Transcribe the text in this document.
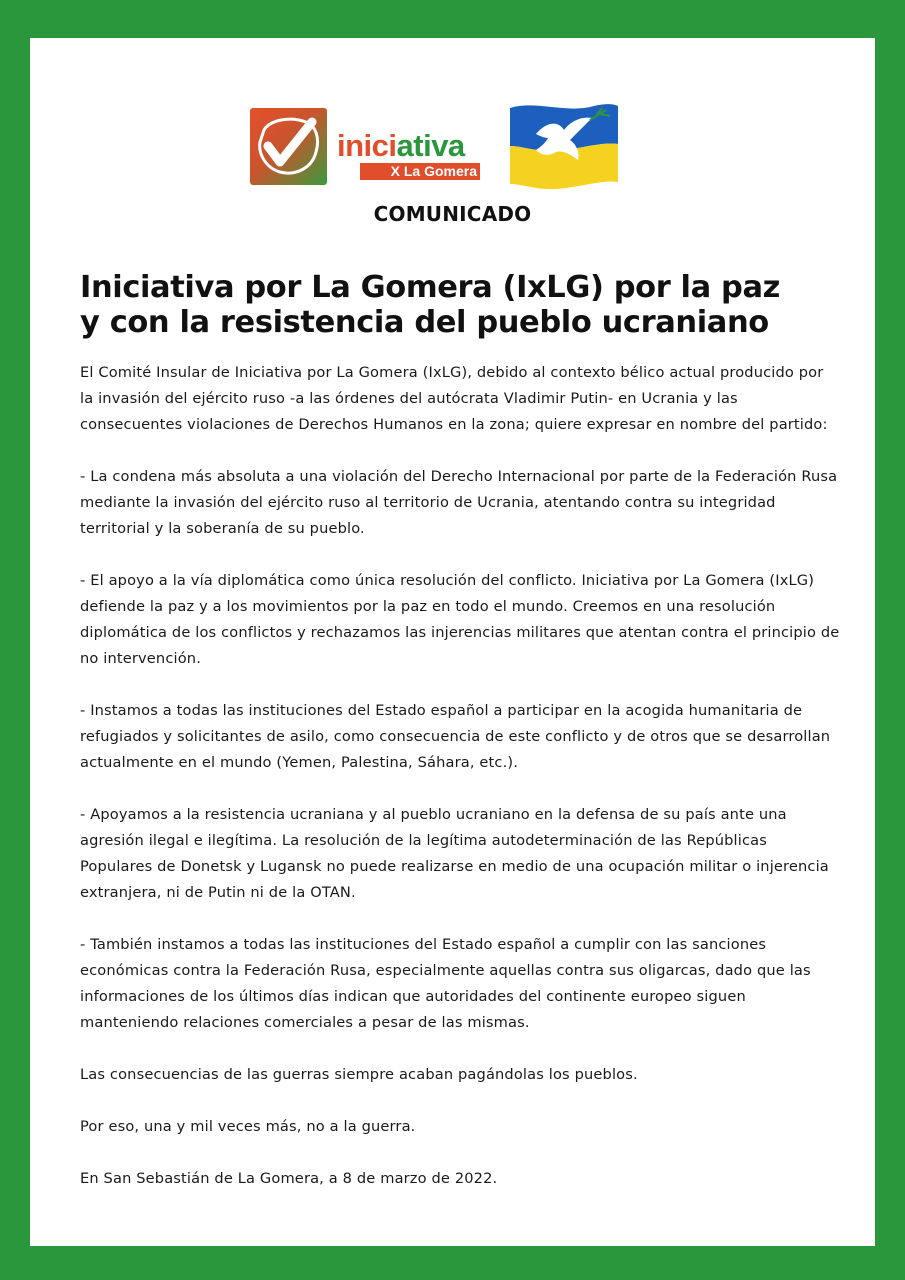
iniciativa
X La Gomera
COMUNICADO
Iniciativa por La Gomera (IxLG) por la paz
y con la resistencia del pueblo ucraniano

El Comité Insular de Iniciativa por La Gomera (IxLG), debido al contexto bélico actual producido por la invasión del ejército ruso -a las órdenes del autócrata Vladimir Putin- en Ucrania y las consecuentes violaciones de Derechos Humanos en la zona; quiere expresar en nombre del partido:

- La condena más absoluta a una violación del Derecho Internacional por parte de la Federación Rusa mediante la invasión del ejército ruso al territorio de Ucrania, atentando contra su integridad territorial y la soberanía de su pueblo.

- El apoyo a la vía diplomática como única resolución del conflicto. Iniciativa por La Gomera (IxLG) defiende la paz y a los movimientos por la paz en todo el mundo. Creemos en una resolución diplomática de los conflictos y rechazamos las injerencias militares que atentan contra el principio de no intervención.

- Instamos a todas las instituciones del Estado español a participar en la acogida humanitaria de refugiados y solicitantes de asilo, como consecuencia de este conflicto y de otros que se desarrollan actualmente en el mundo (Yemen, Palestina, Sáhara, etc.).

- Apoyamos a la resistencia ucraniana y al pueblo ucraniano en la defensa de su país ante una agresión ilegal e ilegítima. La resolución de la legítima autodeterminación de las Repúblicas Populares de Donetsk y Lugansk no puede realizarse en medio de una ocupación militar o injerencia extranjera, ni de Putin ni de la OTAN.

- También instamos a todas las instituciones del Estado español a cumplir con las sanciones económicas contra la Federación Rusa, especialmente aquellas contra sus oligarcas, dado que las informaciones de los últimos días indican que autoridades del continente europeo siguen manteniendo relaciones comerciales a pesar de las mismas.

Las consecuencias de las guerras siempre acaban pagándolas los pueblos.

Por eso, una y mil veces más, no a la guerra.

En San Sebastián de La Gomera, a 8 de marzo de 2022.
